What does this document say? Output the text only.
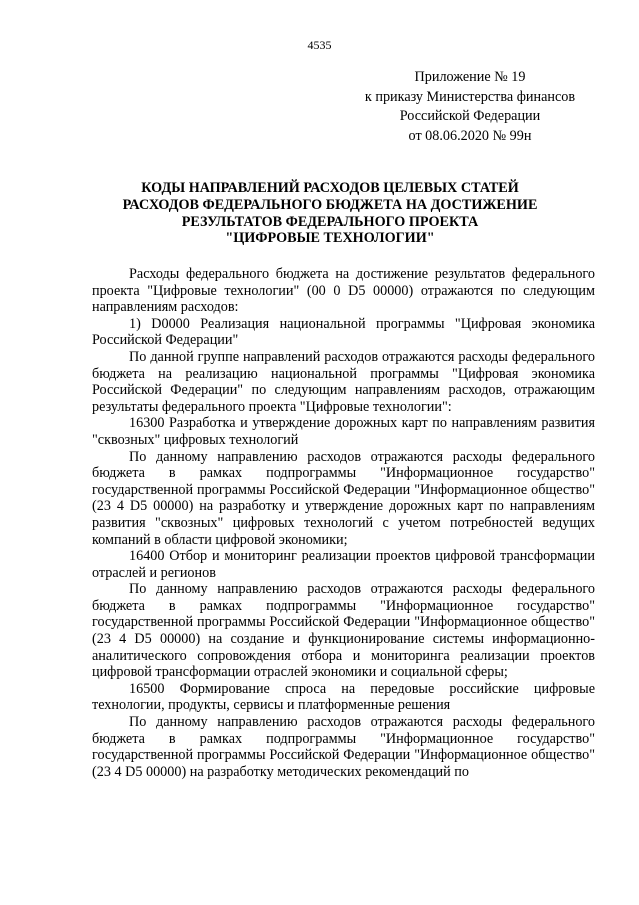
4535
Приложение № 19
к приказу Министерства финансов
Российской Федерации
от 08.06.2020 № 99н
КОДЫ НАПРАВЛЕНИЙ РАСХОДОВ ЦЕЛЕВЫХ СТАТЕЙ
РАСХОДОВ ФЕДЕРАЛЬНОГО БЮДЖЕТА НА ДОСТИЖЕНИЕ
РЕЗУЛЬТАТОВ ФЕДЕРАЛЬНОГО ПРОЕКТА
"ЦИФРОВЫЕ ТЕХНОЛОГИИ"

Расходы федерального бюджета на достижение результатов федерального проекта "Цифровые технологии" (00 0 D5 00000) отражаются по следующим направлениям расходов:

1) D0000 Реализация национальной программы "Цифровая экономика Российской Федерации"

По данной группе направлений расходов отражаются расходы федерального бюджета на реализацию национальной программы "Цифровая экономика Российской Федерации" по следующим направлениям расходов, отражающим результаты федерального проекта "Цифровые технологии":

16300 Разработка и утверждение дорожных карт по направлениям развития "сквозных" цифровых технологий

По данному направлению расходов отражаются расходы федерального бюджета в рамках подпрограммы "Информационное государство" государственной программы Российской Федерации "Информационное общество" (23 4 D5 00000) на разработку и утверждение дорожных карт по направлениям развития "сквозных" цифровых технологий с учетом потребностей ведущих компаний в области цифровой экономики;

16400 Отбор и мониторинг реализации проектов цифровой трансформации отраслей и регионов

По данному направлению расходов отражаются расходы федерального бюджета в рамках подпрограммы "Информационное государство" государственной программы Российской Федерации "Информационное общество" (23 4 D5 00000) на создание и функционирование системы информационно-аналитического сопровождения отбора и мониторинга реализации проектов цифровой трансформации отраслей экономики и социальной сферы;

16500 Формирование спроса на передовые российские цифровые технологии, продукты, сервисы и платформенные решения

По данному направлению расходов отражаются расходы федерального бюджета в рамках подпрограммы "Информационное государство" государственной программы Российской Федерации "Информационное общество" (23 4 D5 00000) на разработку методических рекомендаций по
